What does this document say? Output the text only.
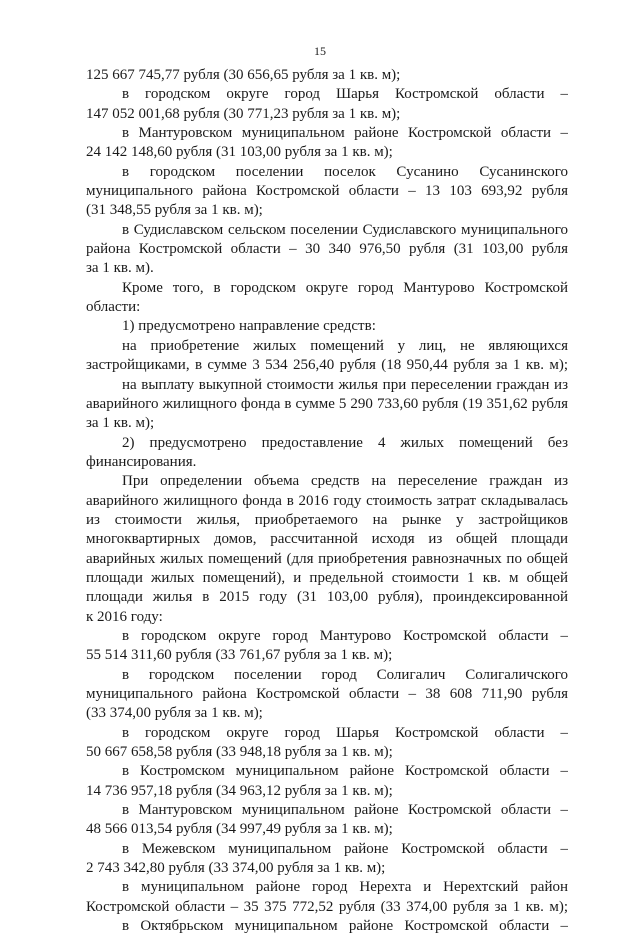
15
125 667 745,77 рубля (30 656,65 рубля за 1 кв. м);
в городском округе город Шарья Костромской области –
147 052 001,68 рубля (30 771,23 рубля за 1 кв. м);
в Мантуровском муниципальном районе Костромской области –
24 142 148,60 рубля (31 103,00 рубля за 1 кв. м);
в городском поселении поселок Сусанино Сусанинского
муниципального района Костромской области – 13 103 693,92 рубля
(31 348,55 рубля за 1 кв. м);
в Судиславском сельском поселении Судиславского муниципального
района Костромской области – 30 340 976,50 рубля (31 103,00 рубля
за 1 кв. м).
Кроме того, в городском округе город Мантурово Костромской
области:
1) предусмотрено направление средств:
на приобретение жилых помещений у лиц, не являющихся
застройщиками, в сумме 3 534 256,40 рубля (18 950,44 рубля за 1 кв. м);
на выплату выкупной стоимости жилья при переселении граждан из
аварийного жилищного фонда в сумме 5 290 733,60 рубля (19 351,62 рубля
за 1 кв. м);
2) предусмотрено предоставление 4 жилых помещений без
финансирования.
При определении объема средств на переселение граждан из
аварийного жилищного фонда в 2016 году стоимость затрат складывалась
из стоимости жилья, приобретаемого на рынке у застройщиков
многоквартирных домов, рассчитанной исходя из общей площади
аварийных жилых помещений (для приобретения равнозначных по общей
площади жилых помещений), и предельной стоимости 1 кв. м общей
площади жилья в 2015 году (31 103,00 рубля), проиндексированной
к 2016 году:
в городском округе город Мантурово Костромской области –
55 514 311,60 рубля (33 761,67 рубля за 1 кв. м);
в городском поселении город Солигалич Солигаличского
муниципального района Костромской области – 38 608 711,90 рубля
(33 374,00 рубля за 1 кв. м);
в городском округе город Шарья Костромской области –
50 667 658,58 рубля (33 948,18 рубля за 1 кв. м);
в Костромском муниципальном районе Костромской области –
14 736 957,18 рубля (34 963,12 рубля за 1 кв. м);
в Мантуровском муниципальном районе Костромской области –
48 566 013,54 рубля (34 997,49 рубля за 1 кв. м);
в Межевском муниципальном районе Костромской области –
2 743 342,80 рубля (33 374,00 рубля за 1 кв. м);
в муниципальном районе город Нерехта и Нерехтский район
Костромской области – 35 375 772,52 рубля (33 374,00 рубля за 1 кв. м);
в Октябрьском муниципальном районе Костромской области –
